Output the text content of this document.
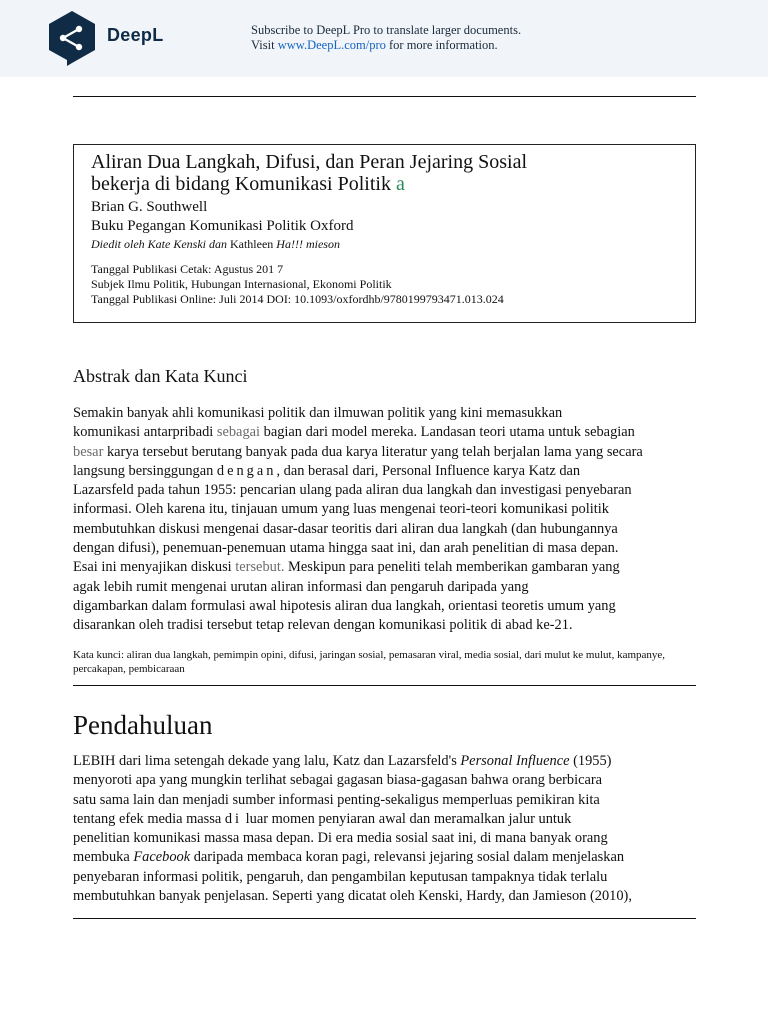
DeepL	Subscribe to DeepL Pro to translate larger documents.
Visit www.DeepL.com/pro for more information.
Aliran Dua Langkah, Difusi, dan Peran Jejaring Sosial
bekerja di bidang Komunikasi Politik a
Brian G. Southwell
Buku Pegangan Komunikasi Politik Oxford
Diedit oleh Kate Kenski dan Kathleen Ha!!! mieson
Tanggal Publikasi Cetak: Agustus 201 7
Subjek Ilmu Politik, Hubungan Internasional, Ekonomi Politik
Tanggal Publikasi Online: Juli 2014 DOI: 10.1093/oxfordhb/9780199793471.013.024
Abstrak dan Kata Kunci
Semakin banyak ahli komunikasi politik dan ilmuwan politik yang kini memasukkan
komunikasi antarpribadi sebagai bagian dari model mereka. Landasan teori utama untuk sebagian
besar karya tersebut berutang banyak pada dua karya literatur yang telah berjalan lama yang secara
langsung bersinggungan dengan, dan berasal dari, Personal Influence karya Katz dan
Lazarsfeld pada tahun 1955: pencarian ulang pada aliran dua langkah dan investigasi penyebaran
informasi. Oleh karena itu, tinjauan umum yang luas mengenai teori-teori komunikasi politik
membutuhkan diskusi mengenai dasar-dasar teoritis dari aliran dua langkah (dan hubungannya
dengan difusi), penemuan-penemuan utama hingga saat ini, dan arah penelitian di masa depan.
Esai ini menyajikan diskusi tersebut. Meskipun para peneliti telah memberikan gambaran yang
agak lebih rumit mengenai urutan aliran informasi dan pengaruh daripada yang
digambarkan dalam formulasi awal hipotesis aliran dua langkah, orientasi teoretis umum yang
disarankan oleh tradisi tersebut tetap relevan dengan komunikasi politik di abad ke-21.
Kata kunci: aliran dua langkah, pemimpin opini, difusi, jaringan sosial, pemasaran viral, media sosial, dari mulut ke mulut, kampanye, percakapan, pembicaraan
Pendahuluan
LEBIH dari lima setengah dekade yang lalu, Katz dan Lazarsfeld's Personal Influence (1955)
menyoroti apa yang mungkin terlihat sebagai gagasan biasa-gagasan bahwa orang berbicara
satu sama lain dan menjadi sumber informasi penting-sekaligus memperluas pemikiran kita
tentang efek media massa di luar momen penyiaran awal dan meramalkan jalur untuk
penelitian komunikasi massa masa depan. Di era media sosial saat ini, di mana banyak orang
membuka Facebook daripada membaca koran pagi, relevansi jejaring sosial dalam menjelaskan
penyebaran informasi politik, pengaruh, dan pengambilan keputusan tampaknya tidak terlalu
membutuhkan banyak penjelasan. Seperti yang dicatat oleh Kenski, Hardy, dan Jamieson (2010),
